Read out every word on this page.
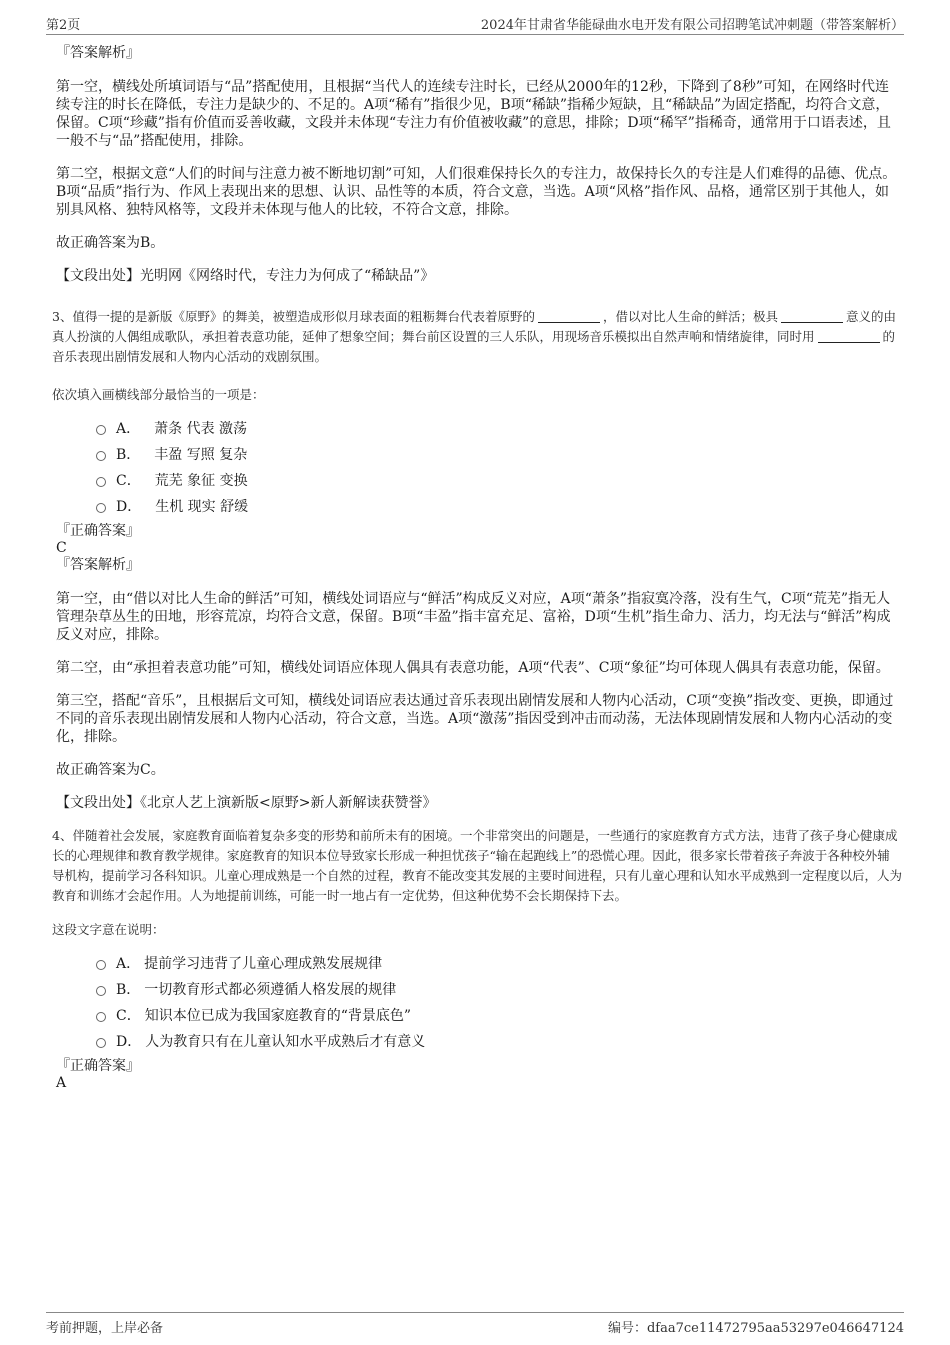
第2页	2024年甘肃省华能碌曲水电开发有限公司招聘笔试冲刺题（带答案解析）

『答案解析』

第一空，横线处所填词语与“品”搭配使用，且根据“当代人的连续专注时长，已经从2000年的12秒，下降到了8秒”可知，在网络时代连续专注的时长在降低，专注力是缺少的、不足的。A项“稀有”指很少见，B项“稀缺”指稀少短缺，且“稀缺品”为固定搭配，均符合文意，保留。C项“珍藏”指有价值而妥善收藏，文段并未体现“专注力有价值被收藏”的意思，排除；D项“稀罕”指稀奇，通常用于口语表述，且一般不与“品”搭配使用，排除。

第二空，根据文意“人们的时间与注意力被不断地切割”可知，人们很难保持长久的专注力，故保持长久的专注是人们难得的品德、优点。B项“品质”指行为、作风上表现出来的思想、认识、品性等的本质，符合文意，当选。A项“风格”指作风、品格，通常区别于其他人，如别具风格、独特风格等，文段并未体现与他人的比较，不符合文意，排除。

故正确答案为B。

【文段出处】光明网《网络时代，专注力为何成了“稀缺品”》

3、值得一提的是新版《原野》的舞美，被塑造成形似月球表面的粗粝舞台代表着原野的	，借以对比人生命的鲜活；极具	意义的由真人扮演的人偶组成歌队，承担着表意功能，延伸了想象空间；舞台前区设置的三人乐队，用现场音乐模拟出自然声响和情绪旋律，同时用	的音乐表现出剧情发展和人物内心活动的戏剧氛围。

依次填入画横线部分最恰当的一项是：

A． 萧条 代表 激荡
B． 丰盈 写照 复杂
C． 荒芜 象征 变换
D． 生机 现实 舒缓

『正确答案』

C

『答案解析』

第一空，由“借以对比人生命的鲜活”可知，横线处词语应与“鲜活”构成反义对应，A项“萧条”指寂寞冷落，没有生气，C项“荒芜”指无人管理杂草丛生的田地，形容荒凉，均符合文意，保留。B项“丰盈”指丰富充足、富裕，D项“生机”指生命力、活力，均无法与“鲜活”构成反义对应，排除。

第二空，由“承担着表意功能”可知，横线处词语应体现人偶具有表意功能，A项“代表”、C项“象征”均可体现人偶具有表意功能，保留。

第三空，搭配“音乐”，且根据后文可知，横线处词语应表达通过音乐表现出剧情发展和人物内心活动，C项“变换”指改变、更换，即通过不同的音乐表现出剧情发展和人物内心活动，符合文意，当选。A项“激荡”指因受到冲击而动荡，无法体现剧情发展和人物内心活动的变化，排除。

故正确答案为C。

【文段出处】《北京人艺上演新版<原野>新人新解读获赞誉》

4、伴随着社会发展，家庭教育面临着复杂多变的形势和前所未有的困境。一个非常突出的问题是，一些通行的家庭教育方式方法，违背了孩子身心健康成长的心理规律和教育教学规律。家庭教育的知识本位导致家长形成一种担忧孩子“输在起跑线上”的恐慌心理。因此，很多家长带着孩子奔波于各种校外辅导机构，提前学习各科知识。儿童心理成熟是一个自然的过程，教育不能改变其发展的主要时间进程，只有儿童心理和认知水平成熟到一定程度以后，人为教育和训练才会起作用。人为地提前训练，可能一时一地占有一定优势，但这种优势不会长期保持下去。

这段文字意在说明：

A． 提前学习违背了儿童心理成熟发展规律
B． 一切教育形式都必须遵循人格发展的规律
C． 知识本位已成为我国家庭教育的“背景底色”
D． 人为教育只有在儿童认知水平成熟后才有意义

『正确答案』

A

考前押题，上岸必备	编号：dfaa7ce11472795aa53297e046647124
